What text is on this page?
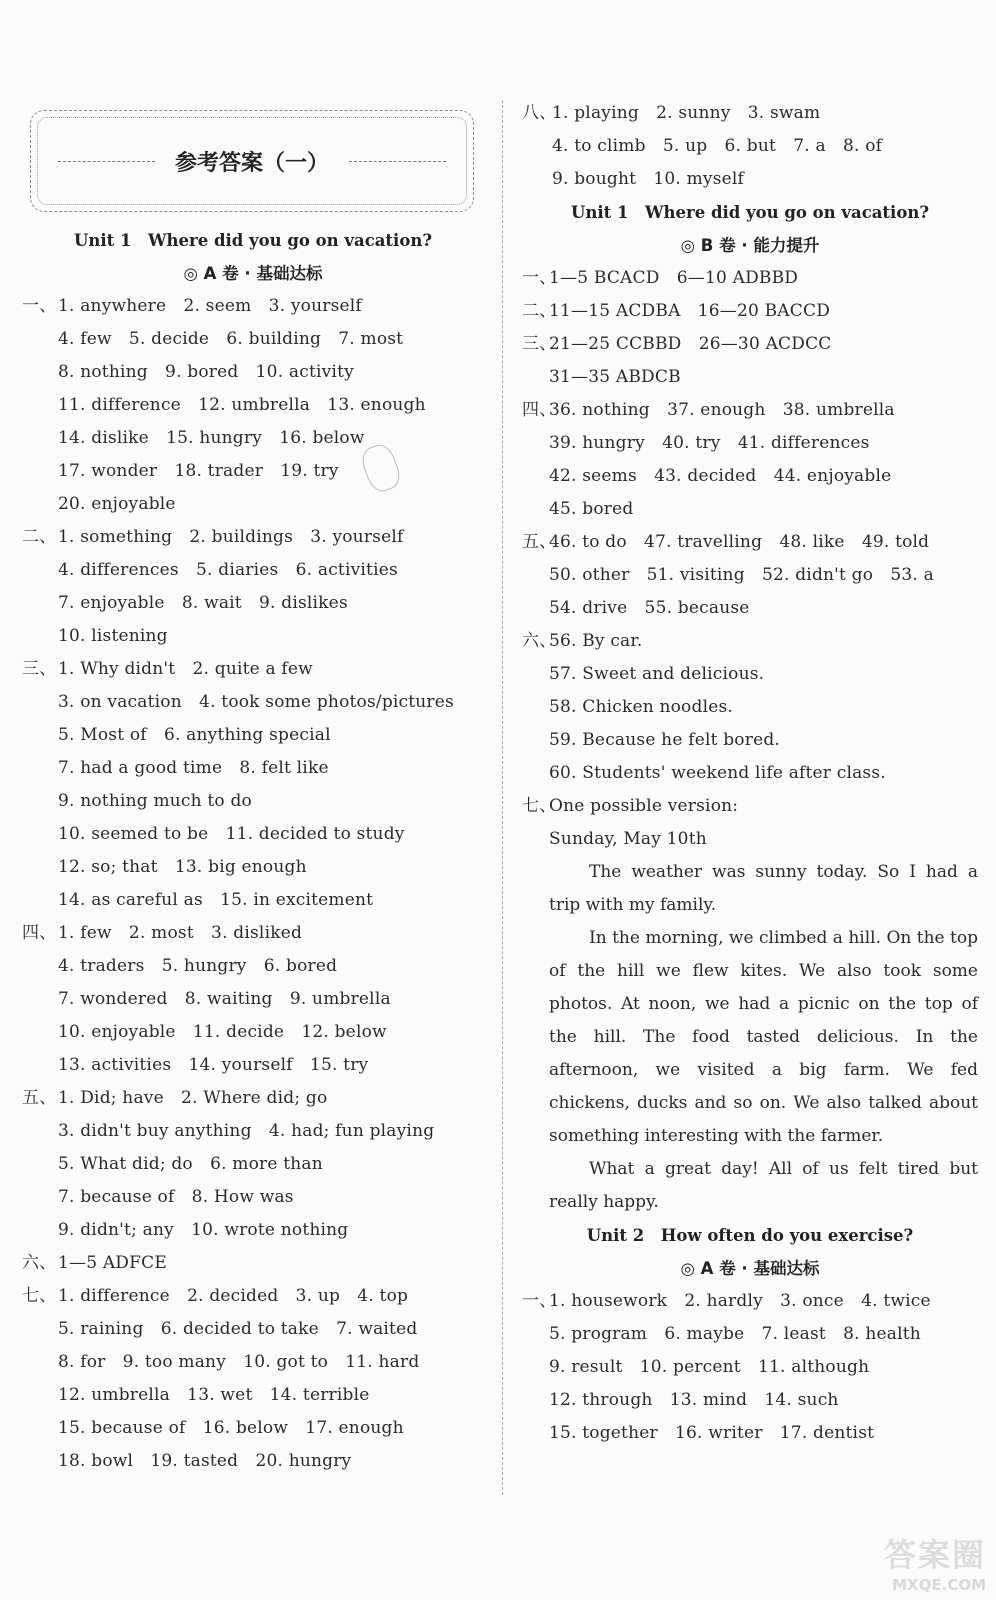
参考答案（一）
Unit 1　Where did you go on vacation?
◎ A 卷 · 基础达标
一、1. anywhere　2. seem　3. yourself
4. few　5. decide　6. building　7. most
8. nothing　9. bored　10. activity
11. difference　12. umbrella　13. enough
14. dislike　15. hungry　16. below
17. wonder　18. trader　19. try
20. enjoyable
二、1. something　2. buildings　3. yourself
4. differences　5. diaries　6. activities
7. enjoyable　8. wait　9. dislikes
10. listening
三、1. Why didn't　2. quite a few
3. on vacation　4. took some photos/pictures
5. Most of　6. anything special
7. had a good time　8. felt like
9. nothing much to do
10. seemed to be　11. decided to study
12. so; that　13. big enough
14. as careful as　15. in excitement
四、1. few　2. most　3. disliked
4. traders　5. hungry　6. bored
7. wondered　8. waiting　9. umbrella
10. enjoyable　11. decide　12. below
13. activities　14. yourself　15. try
五、1. Did; have　2. Where did; go
3. didn't buy anything　4. had; fun playing
5. What did; do　6. more than
7. because of　8. How was
9. didn't; any　10. wrote nothing
六、1—5 ADFCE
七、1. difference　2. decided　3. up　4. top
5. raining　6. decided to take　7. waited
8. for　9. too many　10. got to　11. hard
12. umbrella　13. wet　14. terrible
15. because of　16. below　17. enough
18. bowl　19. tasted　20. hungry
八、1. playing　2. sunny　3. swam
4. to climb　5. up　6. but　7. a　8. of
9. bought　10. myself
Unit 1　Where did you go on vacation?
◎ B 卷 · 能力提升
一、1—5 BCACD　6—10 ADBBD
二、11—15 ACDBA　16—20 BACCD
三、21—25 CCBBD　26—30 ACDCC
31—35 ABDCB
四、36. nothing　37. enough　38. umbrella
39. hungry　40. try　41. differences
42. seems　43. decided　44. enjoyable
45. bored
五、46. to do　47. travelling　48. like　49. told
50. other　51. visiting　52. didn't go　53. a
54. drive　55. because
六、56. By car.
57. Sweet and delicious.
58. Chicken noodles.
59. Because he felt bored.
60. Students' weekend life after class.
七、One possible version:
Sunday, May 10th
The weather was sunny today. So I had a trip with my family.
In the morning, we climbed a hill. On the top of the hill we flew kites. We also took some photos. At noon, we had a picnic on the top of the hill. The food tasted delicious. In the afternoon, we visited a big farm. We fed chickens, ducks and so on. We also talked about something interesting with the farmer.
What a great day! All of us felt tired but really happy.
Unit 2　How often do you exercise?
◎ A 卷 · 基础达标
一、1. housework　2. hardly　3. once　4. twice
5. program　6. maybe　7. least　8. health
9. result　10. percent　11. although
12. through　13. mind　14. such
15. together　16. writer　17. dentist
答案圈
MXQE.COM
